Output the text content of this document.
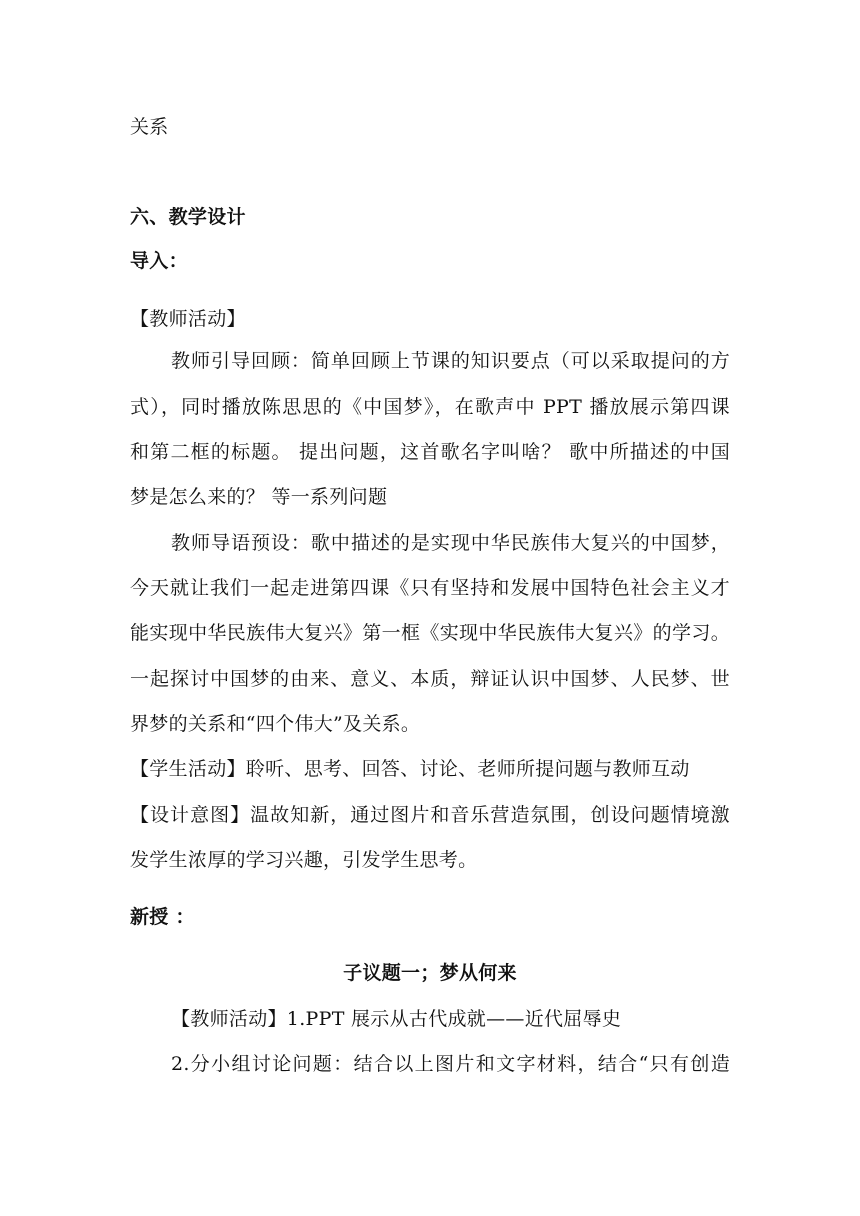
关系
六、教学设计
导入：
【教师活动】
教师引导回顾：简单回顾上节课的知识要点（可以采取提问的方
式），同时播放陈思思的《中国梦》，在歌声中 PPT 播放展示第四课
和第二框的标题。 提出问题，这首歌名字叫啥？ 歌中所描述的中国
梦是怎么来的？ 等一系列问题
教师导语预设：歌中描述的是实现中华民族伟大复兴的中国梦，
今天就让我们一起走进第四课《只有坚持和发展中国特色社会主义才
能实现中华民族伟大复兴》第一框《实现中华民族伟大复兴》的学习。
一起探讨中国梦的由来、意义、本质，辩证认识中国梦、人民梦、世
界梦的关系和“四个伟大”及关系。
【学生活动】聆听、思考、回答、讨论、老师所提问题与教师互动
【设计意图】温故知新，通过图片和音乐营造氛围，创设问题情境激
发学生浓厚的学习兴趣，引发学生思考。
新授 ：
子议题一；梦从何来
【教师活动】1.PPT 展示从古代成就——近代屈辱史
2.分小组讨论问题：结合以上图片和文字材料，结合“只有创造
